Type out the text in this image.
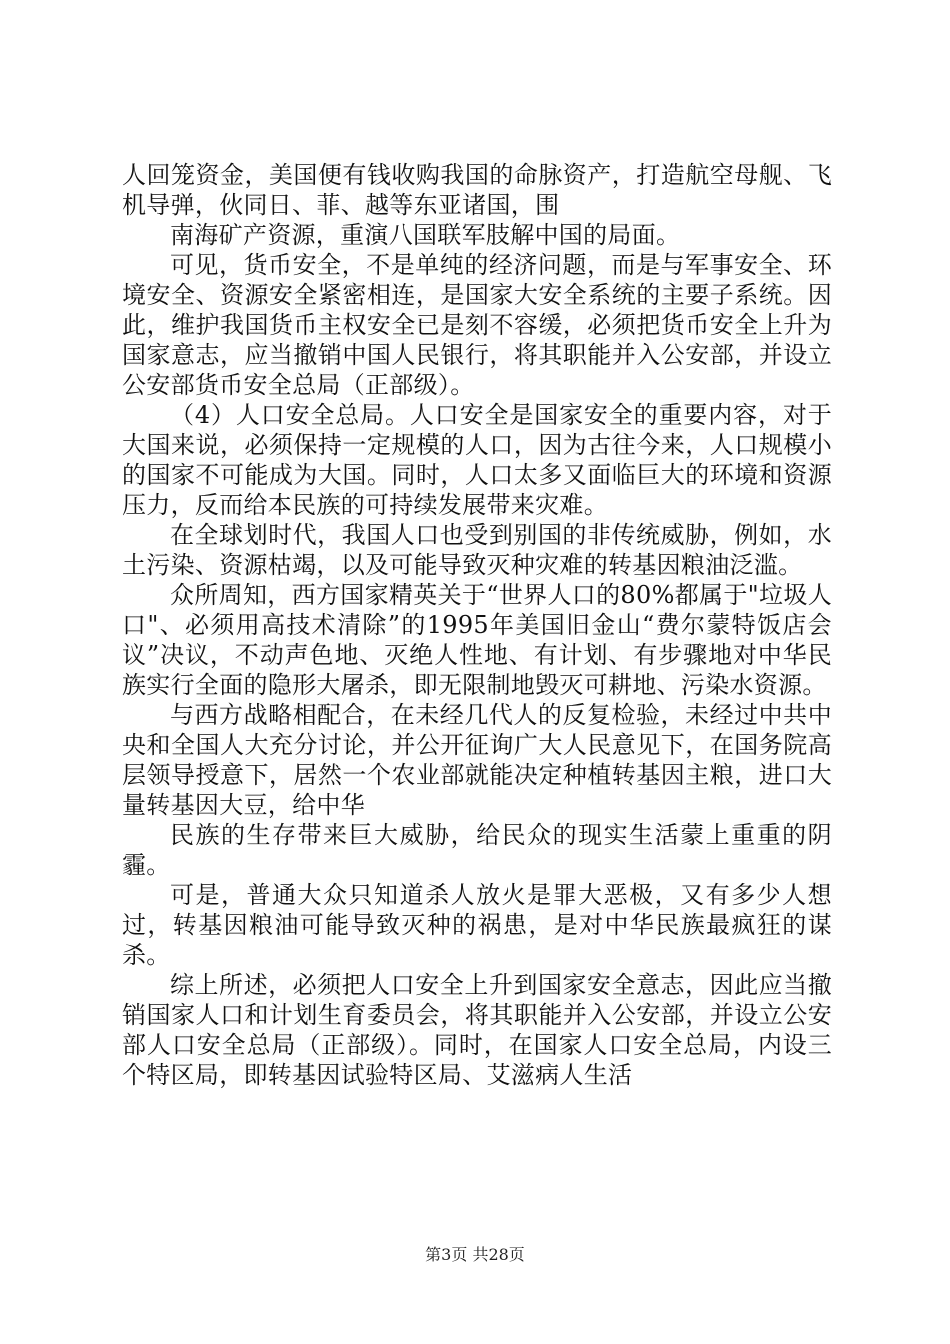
人回笼资金，美国便有钱收购我国的命脉资产，打造航空母舰、飞机导弹，伙同日、菲、越等东亚诸国，围

南海矿产资源，重演八国联军肢解中国的局面。

可见，货币安全，不是单纯的经济问题，而是与军事安全、环境安全、资源安全紧密相连，是国家大安全系统的主要子系统。因此，维护我国货币主权安全已是刻不容缓，必须把货币安全上升为国家意志，应当撤销中国人民银行，将其职能并入公安部，并设立公安部货币安全总局（正部级）。

（4）人口安全总局。人口安全是国家安全的重要内容，对于大国来说，必须保持一定规模的人口，因为古往今来，人口规模小的国家不可能成为大国。同时，人口太多又面临巨大的环境和资源压力，反而给本民族的可持续发展带来灾难。

在全球划时代，我国人口也受到别国的非传统威胁，例如，水土污染、资源枯竭，以及可能导致灭种灾难的转基因粮油泛滥。

众所周知，西方国家精英关于“世界人口的80%都属于"垃圾人口"、必须用高技术清除”的1995年美国旧金山“费尔蒙特饭店会议”决议，不动声色地、灭绝人性地、有计划、有步骤地对中华民族实行全面的隐形大屠杀，即无限制地毁灭可耕地、污染水资源。

与西方战略相配合，在未经几代人的反复检验，未经过中共中央和全国人大充分讨论，并公开征询广大人民意见下，在国务院高层领导授意下，居然一个农业部就能决定种植转基因主粮，进口大量转基因大豆，给中华

民族的生存带来巨大威胁，给民众的现实生活蒙上重重的阴霾。

可是，普通大众只知道杀人放火是罪大恶极，又有多少人想过，转基因粮油可能导致灭种的祸患，是对中华民族最疯狂的谋杀。

综上所述，必须把人口安全上升到国家安全意志，因此应当撤销国家人口和计划生育委员会，将其职能并入公安部，并设立公安部人口安全总局（正部级）。同时，在国家人口安全总局，内设三个特区局，即转基因试验特区局、艾滋病人生活

第3页 共28页
